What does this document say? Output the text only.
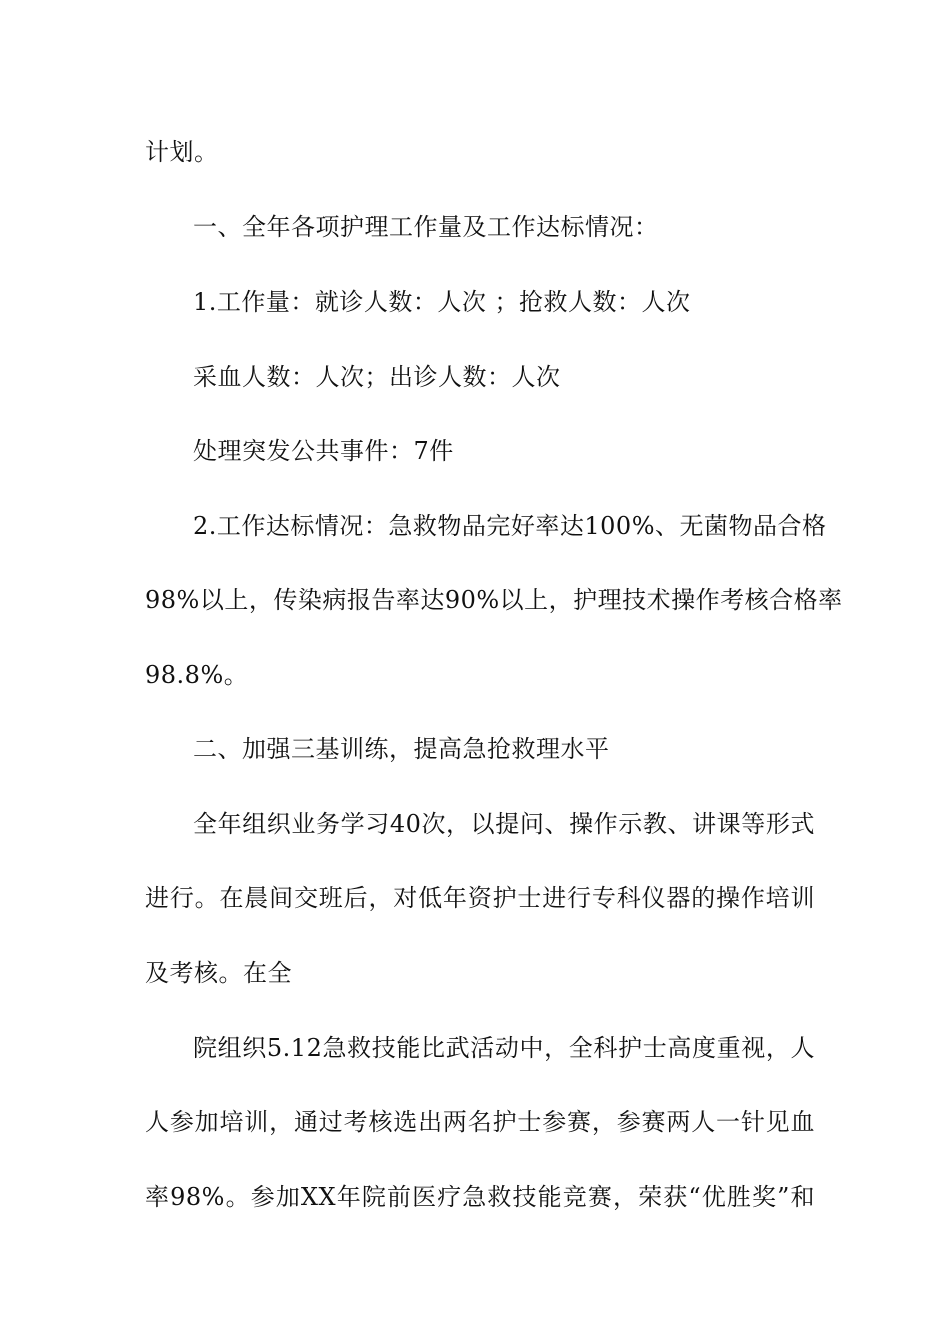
计划。
一、全年各项护理工作量及工作达标情况：
1.工作量：就诊人数：人次 ；抢救人数：人次
采血人数：人次；出诊人数：人次
处理突发公共事件：7件
2.工作达标情况：急救物品完好率达100%、无菌物品合格
98%以上，传染病报告率达90%以上，护理技术操作考核合格率
98.8%。
二、加强三基训练，提高急抢救理水平
全年组织业务学习40次，以提问、操作示教、讲课等形式
进行。在晨间交班后，对低年资护士进行专科仪器的操作培训
及考核。在全
院组织5.12急救技能比武活动中，全科护士高度重视，人
人参加培训，通过考核选出两名护士参赛，参赛两人一针见血
率98%。参加XX年院前医疗急救技能竞赛，荣获“优胜奖”和
